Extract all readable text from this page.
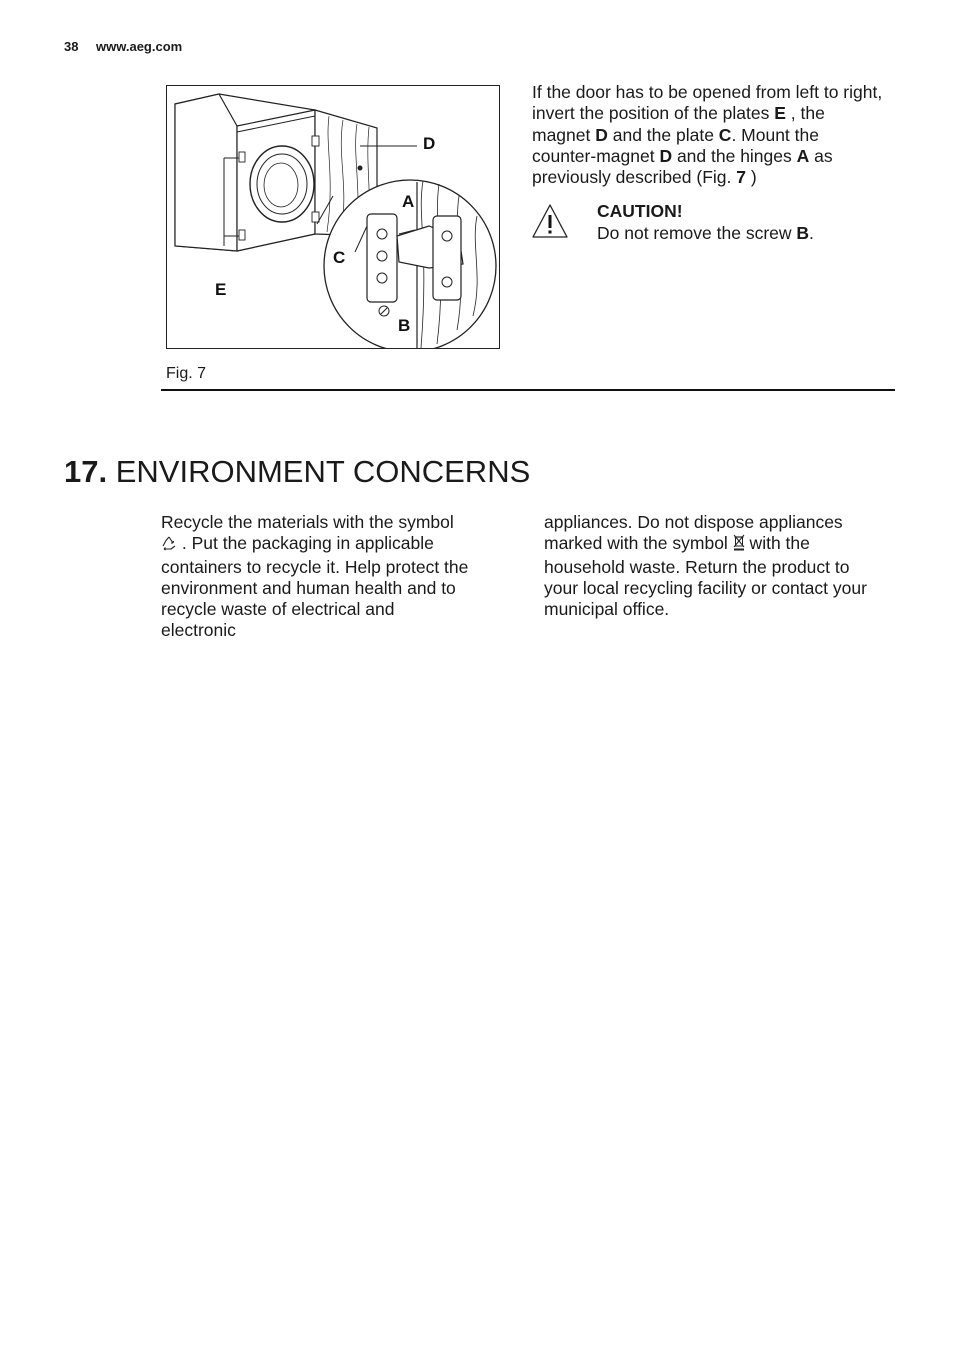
38 www.aeg.com
D
A
C
E
B
Fig. 7
If the door has to be opened from left to right, invert the position of the plates E , the magnet D and the plate C. Mount the counter-magnet D and the hinges A as previously described (Fig. 7 )
CAUTION!
Do not remove the screw B.
17. ENVIRONMENT CONCERNS
Recycle the materials with the symbol  . Put the packaging in applicable containers to recycle it. Help protect the environment and human health and to recycle waste of electrical and electronic
appliances. Do not dispose appliances marked with the symbol  with the household waste. Return the product to your local recycling facility or contact your municipal office.
